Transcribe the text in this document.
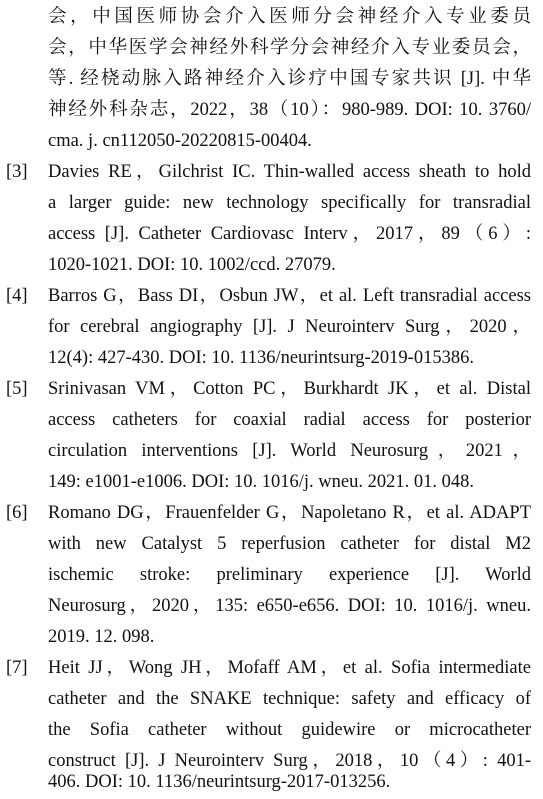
会，中国医师协会介入医师分会神经介入专业委员
会，中华医学会神经外科学分会神经介入专业委员会，
等. 经桡动脉入路神经介入诊疗中国专家共识 [J]. 中华
神经外科杂志，2022，38（10）：980-989. DOI: 10. 3760/
cma. j. cn112050-20220815-00404.
[3] Davies RE，Gilchrist IC. Thin-walled access sheath to hold
a larger guide: new technology specifically for transradial
access [J]. Catheter Cardiovasc Interv，2017，89（6）:
1020-1021. DOI: 10. 1002/ccd. 27079.
[4] Barros G，Bass DI，Osbun JW，et al. Left transradial access
for cerebral angiography [J]. J Neurointerv Surg，2020，
12(4): 427-430. DOI: 10. 1136/neurintsurg-2019-015386.
[5] Srinivasan VM，Cotton PC，Burkhardt JK，et al. Distal
access catheters for coaxial radial access for posterior
circulation interventions [J]. World Neurosurg，2021，
149: e1001-e1006. DOI: 10. 1016/j. wneu. 2021. 01. 048.
[6] Romano DG，Frauenfelder G，Napoletano R，et al. ADAPT
with new Catalyst 5 reperfusion catheter for distal M2
ischemic stroke: preliminary experience [J]. World
Neurosurg，2020，135: e650-e656. DOI: 10. 1016/j. wneu.
2019. 12. 098.
[7] Heit JJ，Wong JH，Mofaff AM，et al. Sofia intermediate
catheter and the SNAKE technique: safety and efficacy of
the Sofia catheter without guidewire or microcatheter
construct [J]. J Neurointerv Surg，2018，10（4）: 401-
406. DOI: 10. 1136/neurintsurg-2017-013256.
